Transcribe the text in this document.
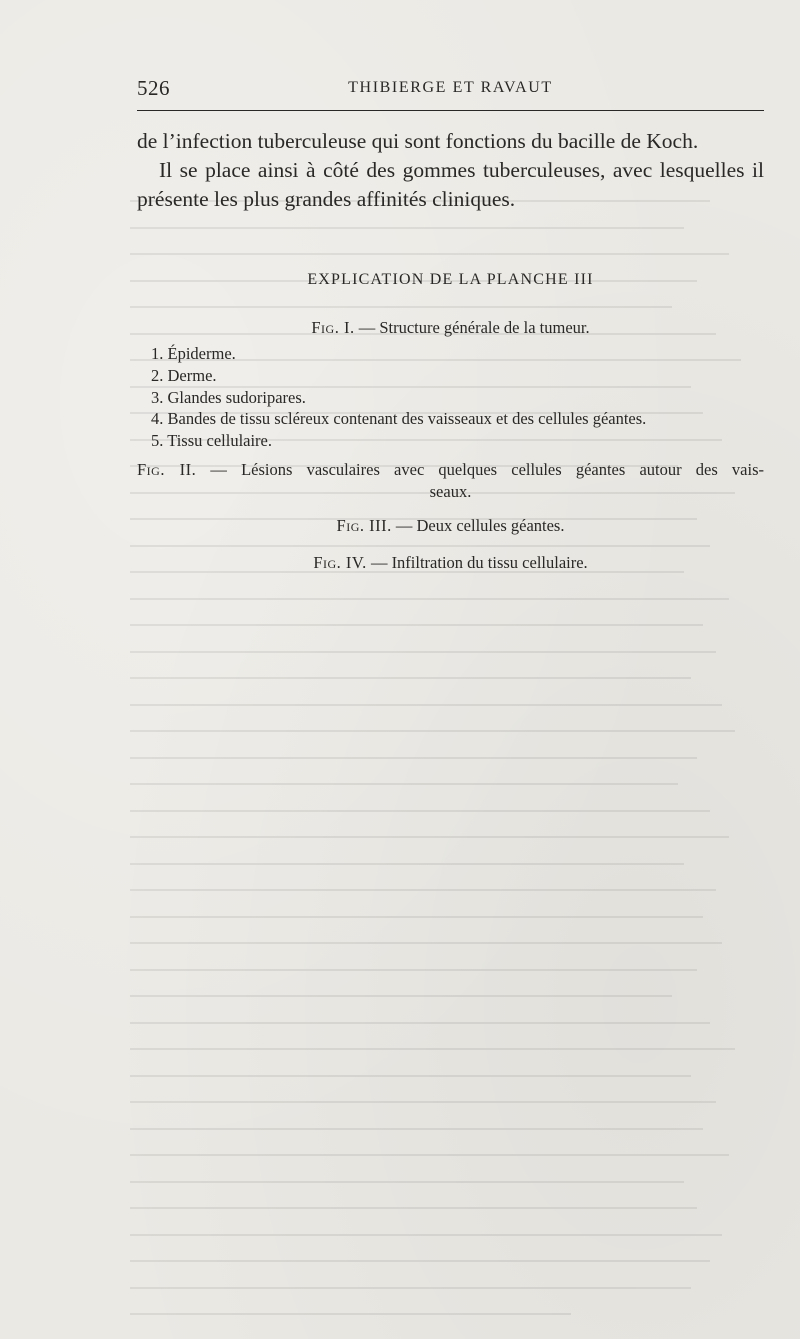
526	THIBIERGE ET RAVAUT

de l’infection tuberculeuse qui sont fonctions du bacille de Koch.

Il se place ainsi à côté des gommes tuberculeuses, avec lesquelles il présente les plus grandes affinités cliniques.

EXPLICATION DE LA PLANCHE III
Fig. I. — Structure générale de la tumeur.
1. Épiderme.
2. Derme.
3. Glandes sudoripares.
4. Bandes de tissu scléreux contenant des vaisseaux et des cellules géantes.
5. Tissu cellulaire.
Fig. II. — Lésions vasculaires avec quelques cellules géantes autour des vais-
seaux.
Fig. III. — Deux cellules géantes.
Fig. IV. — Infiltration du tissu cellulaire.
